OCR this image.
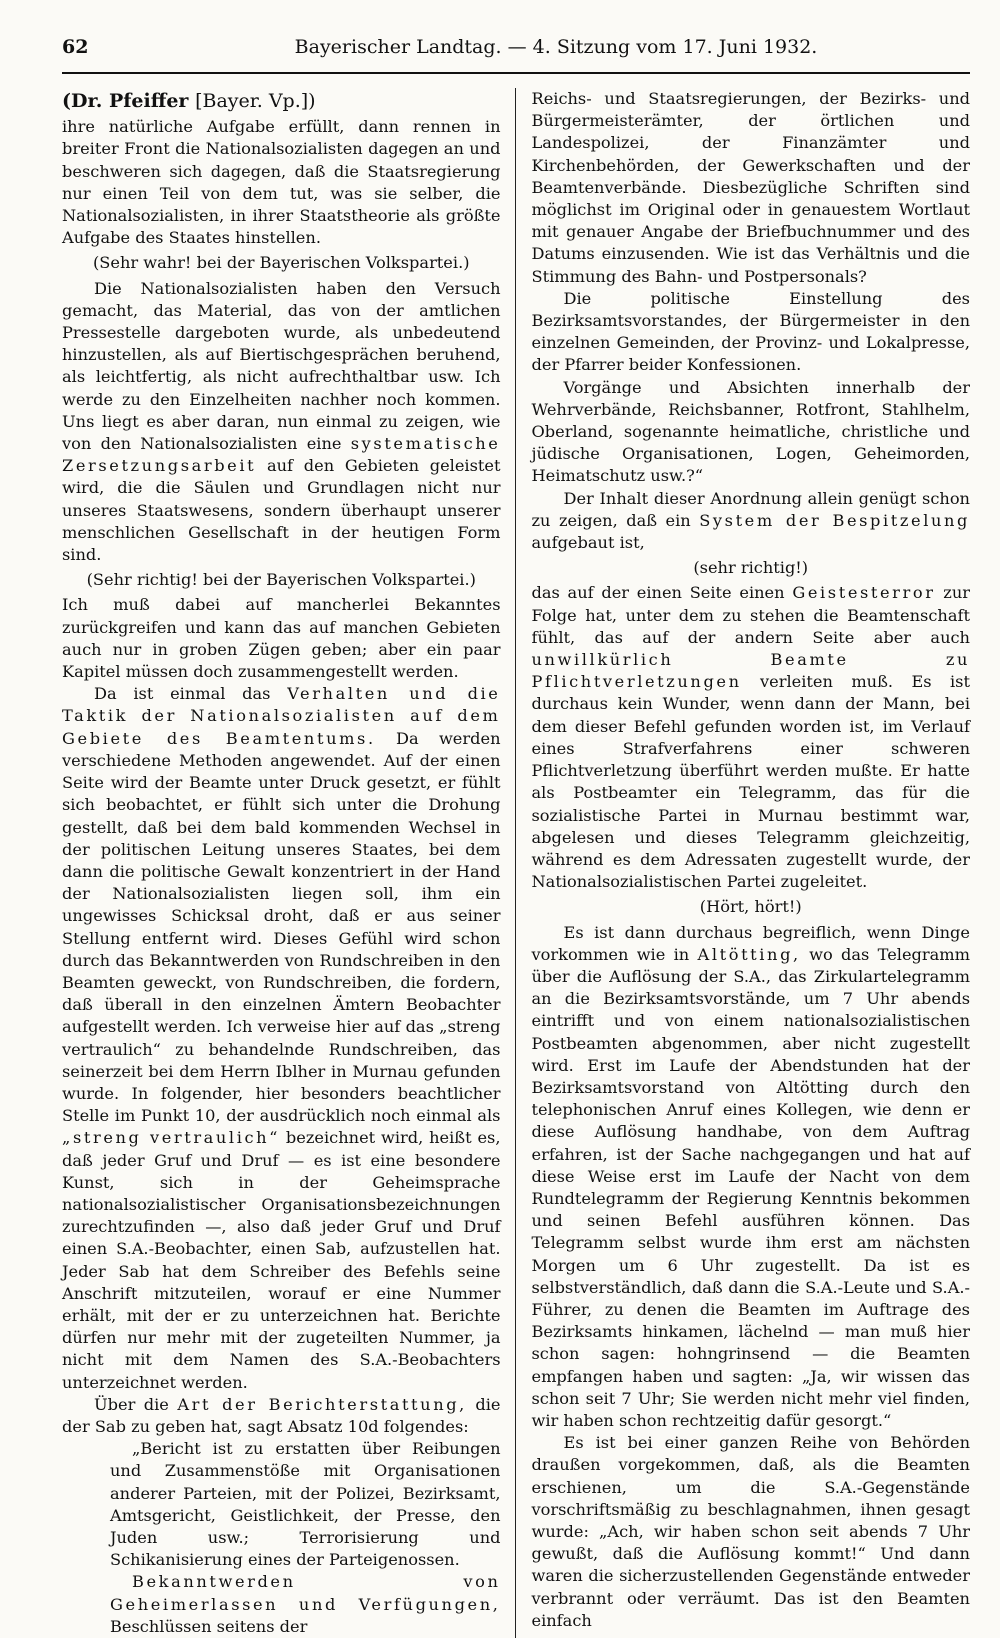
62	Bayerischer Landtag. — 4. Sitzung vom 17. Juni 1932.
(Dr. Pfeiffer [Bayer. Vp.])

ihre natürliche Aufgabe erfüllt, dann rennen in breiter Front die Nationalsozialisten dagegen an und beschweren sich dagegen, daß die Staatsregierung nur einen Teil von dem tut, was sie selber, die Nationalsozialisten, in ihrer Staatstheorie als größte Aufgabe des Staates hinstellen.

(Sehr wahr! bei der Bayerischen Volkspartei.)

Die Nationalsozialisten haben den Versuch gemacht, das Material, das von der amtlichen Pressestelle dargeboten wurde, als unbedeutend hinzustellen, als auf Biertischgesprächen beruhend, als leichtfertig, als nicht aufrechthaltbar usw. Ich werde zu den Einzelheiten nachher noch kommen. Uns liegt es aber daran, nun einmal zu zeigen, wie von den Nationalsozialisten eine systematische Zersetzungsarbeit auf den Gebieten geleistet wird, die die Säulen und Grundlagen nicht nur unseres Staatswesens, sondern überhaupt unserer menschlichen Gesellschaft in der heutigen Form sind.

(Sehr richtig! bei der Bayerischen Volkspartei.)

Ich muß dabei auf mancherlei Bekanntes zurückgreifen und kann das auf manchen Gebieten auch nur in groben Zügen geben; aber ein paar Kapitel müssen doch zusammengestellt werden.

Da ist einmal das Verhalten und die Taktik der Nationalsozialisten auf dem Gebiete des Beamtentums. Da werden verschiedene Methoden angewendet. Auf der einen Seite wird der Beamte unter Druck gesetzt, er fühlt sich beobachtet, er fühlt sich unter die Drohung gestellt, daß bei dem bald kommenden Wechsel in der politischen Leitung unseres Staates, bei dem dann die politische Gewalt konzentriert in der Hand der Nationalsozialisten liegen soll, ihm ein ungewisses Schicksal droht, daß er aus seiner Stellung entfernt wird. Dieses Gefühl wird schon durch das Bekanntwerden von Rundschreiben in den Beamten geweckt, von Rundschreiben, die fordern, daß überall in den einzelnen Ämtern Beobachter aufgestellt werden. Ich verweise hier auf das „streng vertraulich“ zu behandelnde Rundschreiben, das seinerzeit bei dem Herrn Iblher in Murnau gefunden wurde. In folgender, hier besonders beachtlicher Stelle im Punkt 10, der ausdrücklich noch einmal als „streng vertraulich“ bezeichnet wird, heißt es, daß jeder Gruf und Druf — es ist eine besondere Kunst, sich in der Geheimsprache nationalsozialistischer Organisationsbezeichnungen zurechtzufinden —, also daß jeder Gruf und Druf einen S.A.-Beobachter, einen Sab, aufzustellen hat. Jeder Sab hat dem Schreiber des Befehls seine Anschrift mitzuteilen, worauf er eine Nummer erhält, mit der er zu unterzeichnen hat. Berichte dürfen nur mehr mit der zugeteilten Nummer, ja nicht mit dem Namen des S.A.-Beobachters unterzeichnet werden.

Über die Art der Berichterstattung, die der Sab zu geben hat, sagt Absatz 10d folgendes:

„Bericht ist zu erstatten über Reibungen und Zusammenstöße mit Organisationen anderer Parteien, mit der Polizei, Bezirksamt, Amtsgericht, Geistlichkeit, der Presse, den Juden usw.; Terrorisierung und Schikanisierung eines der Parteigenossen.

Bekanntwerden von Geheimerlassen und Verfügungen, Beschlüssen seitens der

Reichs- und Staatsregierungen, der Bezirks- und Bürgermeisterämter, der örtlichen und Landespolizei, der Finanzämter und Kirchenbehörden, der Gewerkschaften und der Beamtenverbände. Diesbezügliche Schriften sind möglichst im Original oder in genauestem Wortlaut mit genauer Angabe der Briefbuchnummer und des Datums einzusenden. Wie ist das Verhältnis und die Stimmung des Bahn- und Postpersonals?

Die politische Einstellung des Bezirksamtsvorstandes, der Bürgermeister in den einzelnen Gemeinden, der Provinz- und Lokalpresse, der Pfarrer beider Konfessionen.

Vorgänge und Absichten innerhalb der Wehrverbände, Reichsbanner, Rotfront, Stahlhelm, Oberland, sogenannte heimatliche, christliche und jüdische Organisationen, Logen, Geheimorden, Heimatschutz usw.?“

Der Inhalt dieser Anordnung allein genügt schon zu zeigen, daß ein System der Bespitzelung aufgebaut ist,

(sehr richtig!)

das auf der einen Seite einen Geistesterror zur Folge hat, unter dem zu stehen die Beamtenschaft fühlt, das auf der andern Seite aber auch unwillkürlich Beamte zu Pflichtverletzungen verleiten muß. Es ist durchaus kein Wunder, wenn dann der Mann, bei dem dieser Befehl gefunden worden ist, im Verlauf eines Strafverfahrens einer schweren Pflichtverletzung überführt werden mußte. Er hatte als Postbeamter ein Telegramm, das für die sozialistische Partei in Murnau bestimmt war, abgelesen und dieses Telegramm gleichzeitig, während es dem Adressaten zugestellt wurde, der Nationalsozialistischen Partei zugeleitet.

(Hört, hört!)

Es ist dann durchaus begreiflich, wenn Dinge vorkommen wie in Altötting, wo das Telegramm über die Auflösung der S.A., das Zirkulartelegramm an die Bezirksamtsvorstände, um 7 Uhr abends eintrifft und von einem nationalsozialistischen Postbeamten abgenommen, aber nicht zugestellt wird. Erst im Laufe der Abendstunden hat der Bezirksamtsvorstand von Altötting durch den telephonischen Anruf eines Kollegen, wie denn er diese Auflösung handhabe, von dem Auftrag erfahren, ist der Sache nachgegangen und hat auf diese Weise erst im Laufe der Nacht von dem Rundtelegramm der Regierung Kenntnis bekommen und seinen Befehl ausführen können. Das Telegramm selbst wurde ihm erst am nächsten Morgen um 6 Uhr zugestellt. Da ist es selbstverständlich, daß dann die S.A.-Leute und S.A.-Führer, zu denen die Beamten im Auftrage des Bezirksamts hinkamen, lächelnd — man muß hier schon sagen: hohngrinsend — die Beamten empfangen haben und sagten: „Ja, wir wissen das schon seit 7 Uhr; Sie werden nicht mehr viel finden, wir haben schon rechtzeitig dafür gesorgt.“

Es ist bei einer ganzen Reihe von Behörden draußen vorgekommen, daß, als die Beamten erschienen, um die S.A.-Gegenstände vorschriftsmäßig zu beschlagnahmen, ihnen gesagt wurde: „Ach, wir haben schon seit abends 7 Uhr gewußt, daß die Auflösung kommt!“ Und dann waren die sicherzustellenden Gegenstände entweder verbrannt oder verräumt. Das ist den Beamten einfach
